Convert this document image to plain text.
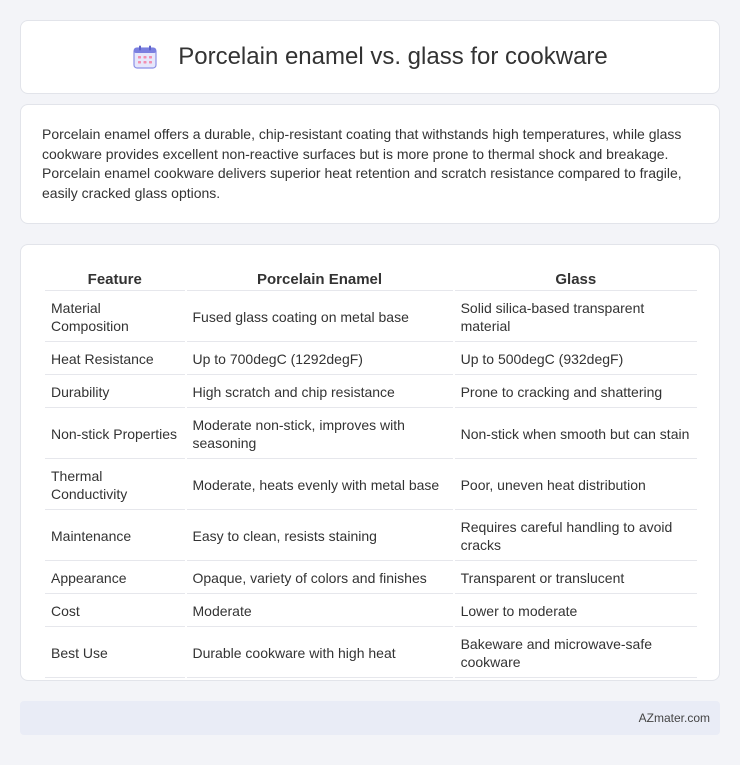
Porcelain enamel vs. glass for cookware

Porcelain enamel offers a durable, chip-resistant coating that withstands high temperatures, while glass cookware provides excellent non-reactive surfaces but is more prone to thermal shock and breakage. Porcelain enamel cookware delivers superior heat retention and scratch resistance compared to fragile, easily cracked glass options.

Feature	Porcelain Enamel	Glass
Material Composition	Fused glass coating on metal base	Solid silica-based transparent material
Heat Resistance	Up to 700degC (1292degF)	Up to 500degC (932degF)
Durability	High scratch and chip resistance	Prone to cracking and shattering
Non-stick Properties	Moderate non-stick, improves with seasoning	Non-stick when smooth but can stain
Thermal Conductivity	Moderate, heats evenly with metal base	Poor, uneven heat distribution
Maintenance	Easy to clean, resists staining	Requires careful handling to avoid cracks
Appearance	Opaque, variety of colors and finishes	Transparent or translucent
Cost	Moderate	Lower to moderate
Best Use	Durable cookware with high heat	Bakeware and microwave-safe cookware
AZmater.com
